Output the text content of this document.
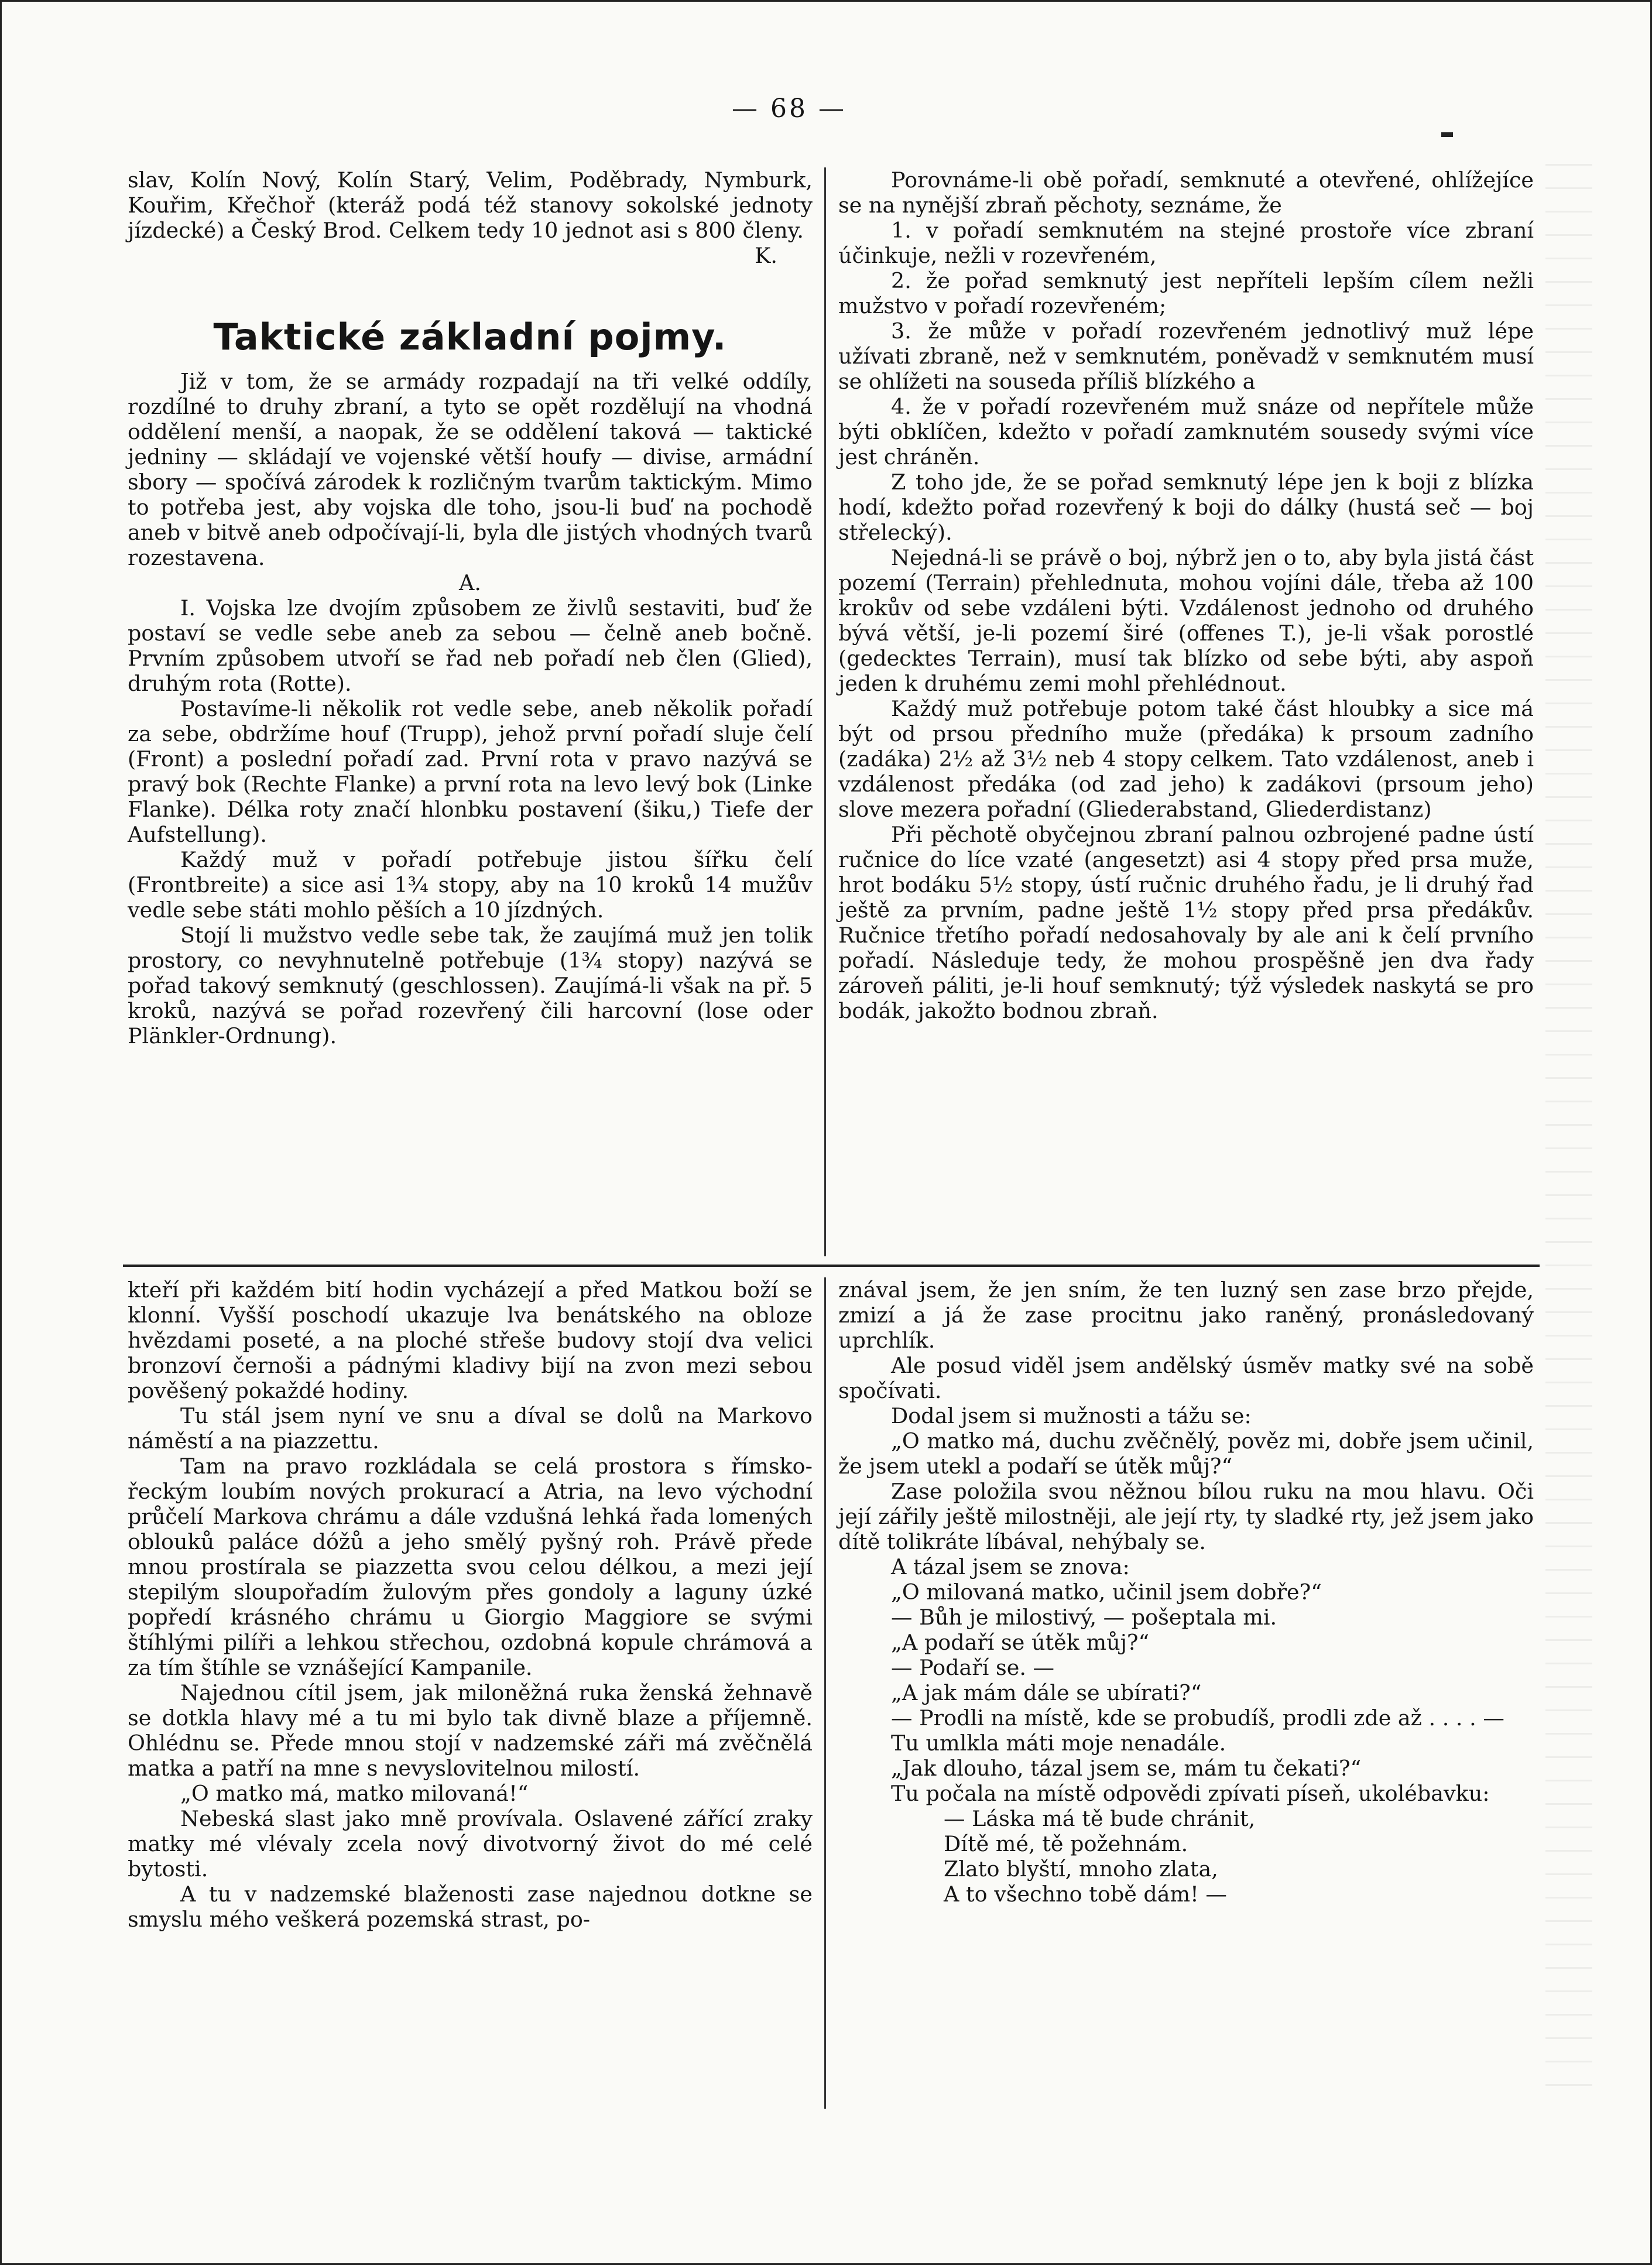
— 68 —

slav, Kolín Nový, Kolín Starý, Velim, Poděbrady, Nymburk, Kouřim, Křečhoř (kteráž podá též stanovy sokolské jednoty jízdecké) a Český Brod. Celkem tedy 10 jednot asi s 800 členy.

K.

Taktické základní pojmy.

Již v tom, že se armády rozpadají na tři velké oddíly, rozdílné to druhy zbraní, a tyto se opět rozdělují na vhodná oddělení menší, a naopak, že se oddělení taková — taktické jedniny — skládají ve vojenské větší houfy — divise, armádní sbory — spočívá zárodek k rozličným tvarům taktickým. Mimo to potřeba jest, aby vojska dle toho, jsou-li buď na pochodě aneb v bitvě aneb odpočívají-li, byla dle jistých vhodných tvarů rozestavena.

A.

I. Vojska lze dvojím způsobem ze živlů sestaviti, buď že postaví se vedle sebe aneb za sebou — čelně aneb bočně. Prvním způsobem utvoří se řad neb pořadí neb člen (Glied), druhým rota (Rotte).

Postavíme-li několik rot vedle sebe, aneb několik pořadí za sebe, obdržíme houf (Trupp), jehož první pořadí sluje čelí (Front) a poslední pořadí zad. První rota v pravo nazývá se pravý bok (Rechte Flanke) a první rota na levo levý bok (Linke Flanke). Délka roty značí hlonbku postavení (šiku,) Tiefe der Aufstellung).

Každý muž v pořadí potřebuje jistou šířku čelí (Frontbreite) a sice asi 1¾ stopy, aby na 10 kroků 14 mužův vedle sebe státi mohlo pěších a 10 jízdných.

Stojí li mužstvo vedle sebe tak, že zaujímá muž jen tolik prostory, co nevyhnutelně potřebuje (1¾ stopy) nazývá se pořad takový semknutý (geschlossen). Zaujímá-li však na př. 5 kroků, nazývá se pořad rozevřený čili harcovní (lose oder Plänkler-Ordnung).

Porovnáme-li obě pořadí, semknuté a otevřené, ohlížejíce se na nynější zbraň pěchoty, seznáme, že

1. v pořadí semknutém na stejné prostoře více zbraní účinkuje, nežli v rozevřeném,

2. že pořad semknutý jest nepříteli lepším cílem nežli mužstvo v pořadí rozevřeném;

3. že může v pořadí rozevřeném jednotlivý muž lépe užívati zbraně, než v semknutém, poněvadž v semknutém musí se ohlížeti na souseda příliš blízkého a

4. že v pořadí rozevřeném muž snáze od nepřítele může býti obklíčen, kdežto v pořadí zamknutém sousedy svými více jest chráněn.

Z toho jde, že se pořad semknutý lépe jen k boji z blízka hodí, kdežto pořad rozevřený k boji do dálky (hustá seč — boj střelecký).

Nejedná-li se právě o boj, nýbrž jen o to, aby byla jistá část pozemí (Terrain) přehlednuta, mohou vojíni dále, třeba až 100 krokův od sebe vzdáleni býti. Vzdálenost jednoho od druhého bývá větší, je-li pozemí širé (offenes T.), je-li však porostlé (gedecktes Terrain), musí tak blízko od sebe býti, aby aspoň jeden k druhému zemi mohl přehlédnout.

Každý muž potřebuje potom také část hloubky a sice má být od prsou předního muže (předáka) k prsoum zadního (zadáka) 2½ až 3½ neb 4 stopy celkem. Tato vzdálenost, aneb i vzdálenost předáka (od zad jeho) k zadákovi (prsoum jeho) slove mezera pořadní (Gliederabstand, Gliederdistanz)

Při pěchotě obyčejnou zbraní palnou ozbrojené padne ústí ručnice do líce vzaté (angesetzt) asi 4 stopy před prsa muže, hrot bodáku 5½ stopy, ústí ručnic druhého řadu, je li druhý řad ještě za prvním, padne ještě 1½ stopy před prsa předákův. Ručnice třetího pořadí nedosahovaly by ale ani k čelí prvního pořadí. Následuje tedy, že mohou prospěšně jen dva řady zároveň páliti, je-li houf semknutý; týž výsledek naskytá se pro bodák, jakožto bodnou zbraň.

kteří při každém bití hodin vycházejí a před Matkou boží se klonní. Vyšší poschodí ukazuje lva benátského na obloze hvězdami poseté, a na ploché střeše budovy stojí dva velici bronzoví černoši a pádnými kladivy bijí na zvon mezi sebou pověšený pokaždé hodiny.

Tu stál jsem nyní ve snu a díval se dolů na Markovo náměstí a na piazzettu.

Tam na pravo rozkládala se celá prostora s římsko-řeckým loubím nových prokurací a Atria, na levo východní průčelí Markova chrámu a dále vzdušná lehká řada lomených oblouků paláce dóžů a jeho smělý pyšný roh. Právě přede mnou prostírala se piazzetta svou celou délkou, a mezi její stepilým sloupořadím žulovým přes gondoly a laguny úzké popředí krásného chrámu u Giorgio Maggiore se svými štíhlými pilíři a lehkou střechou, ozdobná kopule chrámová a za tím štíhle se vznášející Kampanile.

Najednou cítil jsem, jak miloněžná ruka ženská žehnavě se dotkla hlavy mé a tu mi bylo tak divně blaze a příjemně. Ohlédnu se. Přede mnou stojí v nadzemské záři má zvěčnělá matka a patří na mne s nevyslovitelnou milostí.

„O matko má, matko milovaná!“

Nebeská slast jako mně provívala. Oslavené zářící zraky matky mé vlévaly zcela nový divotvorný život do mé celé bytosti.

A tu v nadzemské blaženosti zase najednou dotkne se smyslu mého veškerá pozemská strast, po-

znával jsem, že jen sním, že ten luzný sen zase brzo přejde, zmizí a já že zase procitnu jako raněný, pronásledovaný uprchlík.

Ale posud viděl jsem andělský úsměv matky své na sobě spočívati.

Dodal jsem si mužnosti a tážu se:

„O matko má, duchu zvěčnělý, pověz mi, dobře jsem učinil, že jsem utekl a podaří se útěk můj?“

Zase položila svou něžnou bílou ruku na mou hlavu. Oči její zářily ještě milostněji, ale její rty, ty sladké rty, jež jsem jako dítě tolikráte líbával, nehýbaly se.

A tázal jsem se znova:

„O milovaná matko, učinil jsem dobře?“

— Bůh je milostivý, — pošeptala mi.

„A podaří se útěk můj?“

— Podaří se. —

„A jak mám dále se ubírati?“

— Prodli na místě, kde se probudíš, prodli zde až . . . . —

Tu umlkla máti moje nenadále.

„Jak dlouho, tázal jsem se, mám tu čekati?“

Tu počala na místě odpovědi zpívati píseň, ukolébavku:

— Láska má tě bude chránit,
Dítě mé, tě požehnám.
Zlato blyští, mnoho zlata,
A to všechno tobě dám! —
